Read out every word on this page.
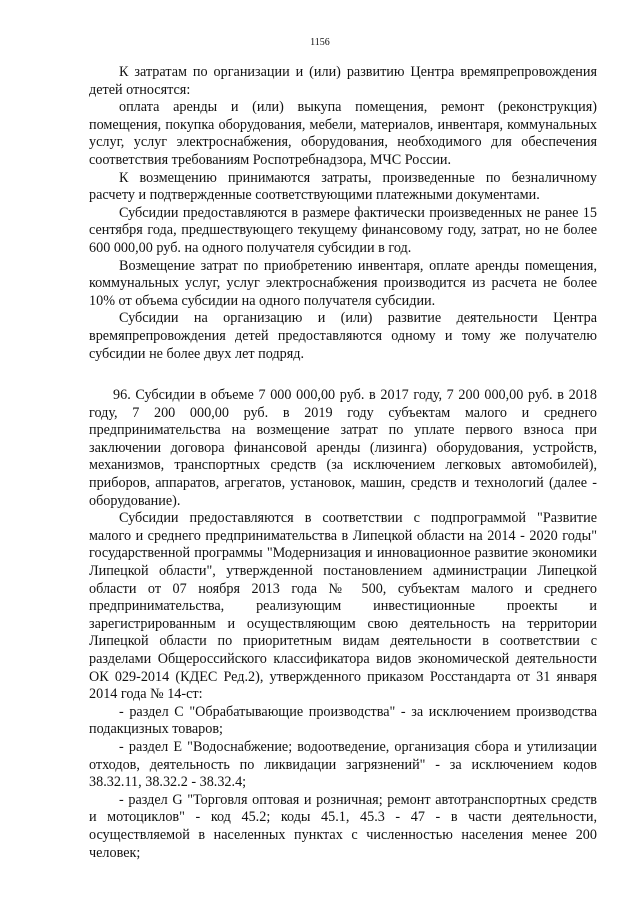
1156

К затратам по организации и (или) развитию Центра времяпрепровождения детей относятся:

оплата аренды и (или) выкупа помещения, ремонт (реконструкция) помещения, покупка оборудования, мебели, материалов, инвентаря, коммунальных услуг, услуг электроснабжения, оборудования, необходимого для обеспечения соответствия требованиям Роспотребнадзора, МЧС России.

К возмещению принимаются затраты, произведенные по безналичному расчету и подтвержденные соответствующими платежными документами.

Субсидии предоставляются в размере фактически произведенных не ранее 15 сентября года, предшествующего текущему финансовому году, затрат, но не более 600 000,00 руб. на одного получателя субсидии в год.

Возмещение затрат по приобретению инвентаря, оплате аренды помещения, коммунальных услуг, услуг электроснабжения производится из расчета не более 10% от объема субсидии на одного получателя субсидии.

Субсидии на организацию и (или) развитие деятельности Центра времяпрепровождения детей предоставляются одному и тому же получателю субсидии не более двух лет подряд.

96. Субсидии в объеме 7 000 000,00 руб. в 2017 году, 7 200 000,00 руб. в 2018 году, 7 200 000,00 руб. в 2019 году субъектам малого и среднего предпринимательства на возмещение затрат по уплате первого взноса при заключении договора финансовой аренды (лизинга) оборудования, устройств, механизмов, транспортных средств (за исключением легковых автомобилей), приборов, аппаратов, агрегатов, установок, машин, средств и технологий (далее - оборудование).

Субсидии предоставляются в соответствии с подпрограммой "Развитие малого и среднего предпринимательства в Липецкой области на 2014 - 2020 годы" государственной программы "Модернизация и инновационное развитие экономики Липецкой области", утвержденной постановлением администрации Липецкой области от 07 ноября 2013 года № 500, субъектам малого и среднего предпринимательства, реализующим инвестиционные проекты и зарегистрированным и осуществляющим свою деятельность на территории Липецкой области по приоритетным видам деятельности в соответствии с разделами Общероссийского классификатора видов экономической деятельности ОК 029-2014 (КДЕС Ред.2), утвержденного приказом Росстандарта от 31 января 2014 года № 14-ст:

- раздел C "Обрабатывающие производства" - за исключением производства подакцизных товаров;

- раздел E "Водоснабжение; водоотведение, организация сбора и утилизации отходов, деятельность по ликвидации загрязнений" - за исключением кодов 38.32.11, 38.32.2 - 38.32.4;

- раздел G "Торговля оптовая и розничная; ремонт автотранспортных средств и мотоциклов" - код 45.2; коды 45.1, 45.3 - 47 - в части деятельности, осуществляемой в населенных пунктах с численностью населения менее 200 человек;
